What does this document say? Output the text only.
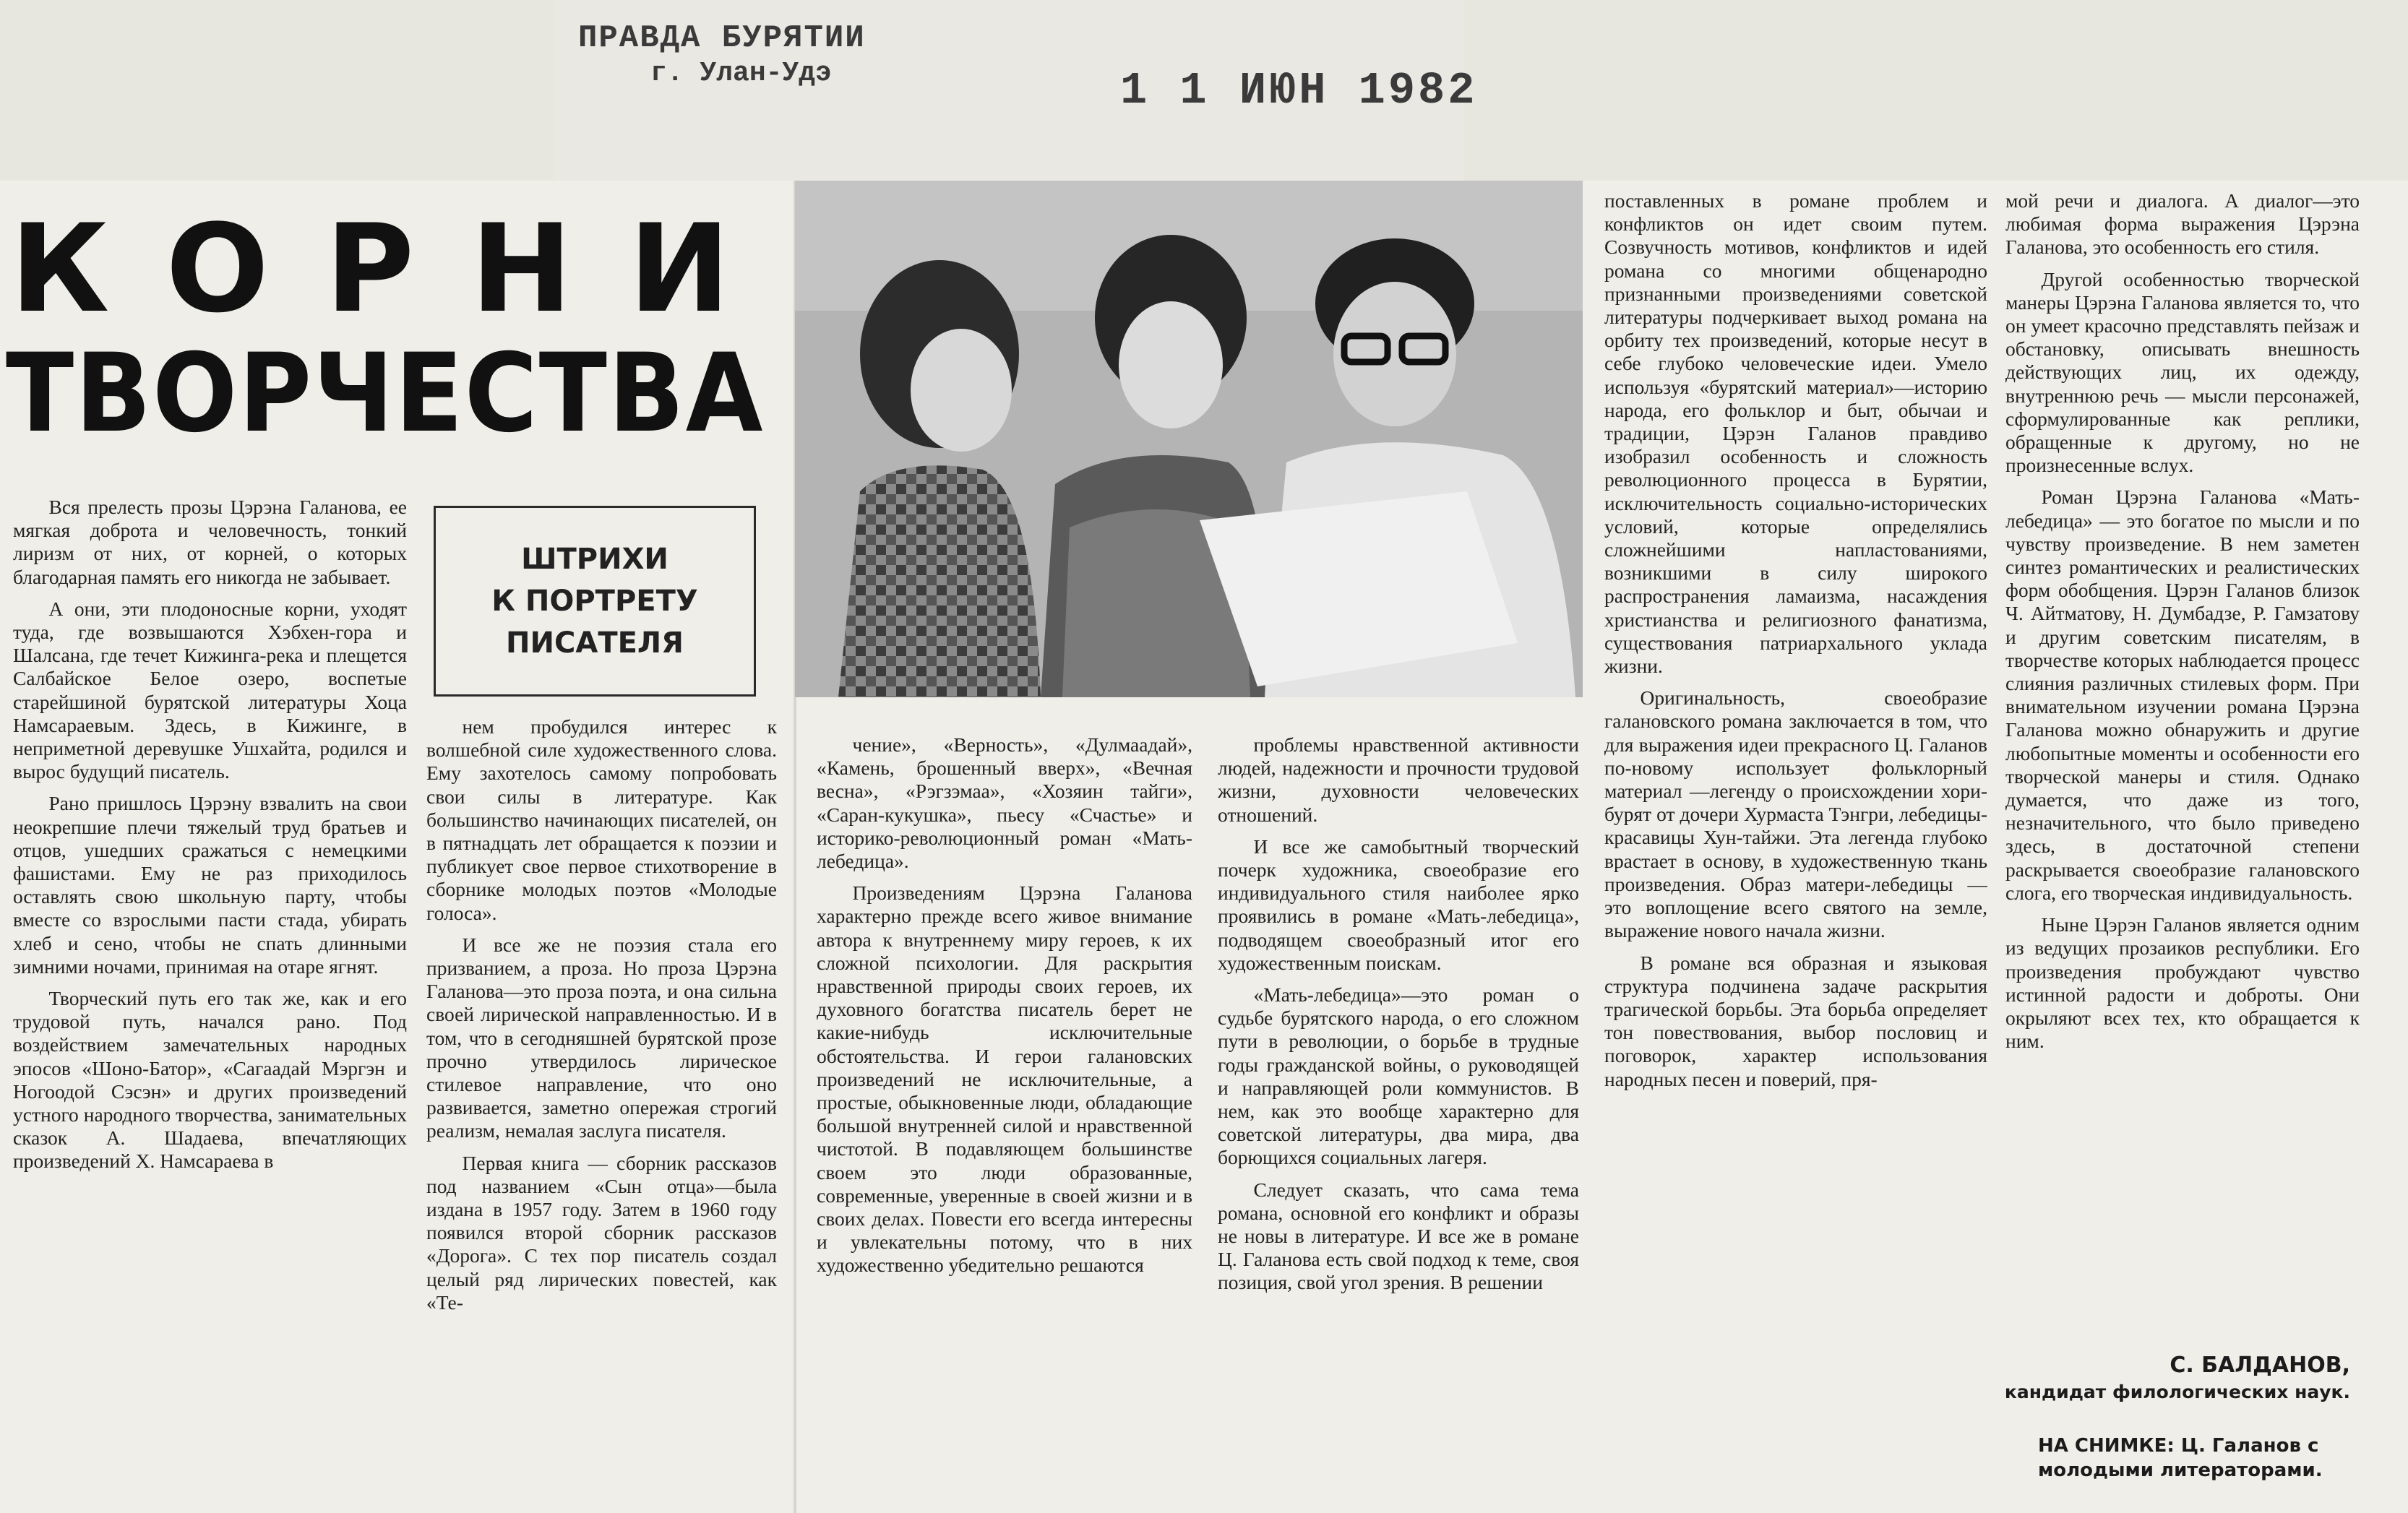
ПРАВДА БУРЯТИИ
г. Улан-Удэ	1 1 ИЮН 1982
КОРНИ
ТВОРЧЕСТВА
ШТРИХИ
К ПОРТРЕТУ
ПИСАТЕЛЯ

Вся прелесть прозы Цэрэна Галанова, ее мягкая доброта и человечность, тонкий лиризм от них, от корней, о которых благодарная память его никогда не забывает.

А они, эти плодоносные корни, уходят туда, где возвышаются Хэбхен-гора и Шалсана, где течет Кижинга-река и плещется Салбайское Белое озеро, воспетые старейшиной бурятской литературы Хоца Намсараевым. Здесь, в Кижинге, в неприметной деревушке Ушхайта, родился и вырос будущий писатель.

Рано пришлось Цэрэну взвалить на свои неокрепшие плечи тяжелый труд братьев и отцов, ушедших сражаться с немецкими фашистами. Ему не раз приходилось оставлять свою школьную парту, чтобы вместе со взрослыми пасти стада, убирать хлеб и сено, чтобы не спать длинными зимними ночами, принимая на отаре ягнят.

Творческий путь его так же, как и его трудовой путь, начался рано. Под воздействием замечательных народных эпосов «Шоно-Батор», «Сагаадай Мэргэн и Ногоодой Сэсэн» и других произведений устного народного творчества, занимательных сказок А. Шадаева, впечатляющих произведений Х. Намсараева в

нем пробудился интерес к волшебной силе художественного слова. Ему захотелось самому попробовать свои силы в литературе. Как большинство начинающих писателей, он в пятнадцать лет обращается к поэзии и публикует свое первое стихотворение в сборнике молодых поэтов «Молодые голоса».

И все же не поэзия стала его призванием, а проза. Но проза Цэрэна Галанова—это проза поэта, и она сильна своей лирической направленностью. И в том, что в сегодняшней бурятской прозе прочно утвердилось лирическое стилевое направление, что оно развивается, заметно опережая строгий реализм, немалая заслуга писателя.

Первая книга — сборник рассказов под названием «Сын отца»—была издана в 1957 году. Затем в 1960 году появился второй сборник рассказов «Дорога». С тех пор писатель создал целый ряд лирических повестей, как «Те-

чение», «Верность», «Дулмаадай», «Камень, брошенный вверх», «Вечная весна», «Рэгзэмаа», «Хозяин тайги», «Саран-кукушка», пьесу «Счастье» и историко-революционный роман «Мать-лебедица».

Произведениям Цэрэна Галанова характерно прежде всего живое внимание автора к внутреннему миру героев, к их сложной психологии. Для раскрытия нравственной природы своих героев, их духовного богатства писатель берет не какие-нибудь исключительные обстоятельства. И герои галановских произведений не исключительные, а простые, обыкновенные люди, обладающие большой внутренней силой и нравственной чистотой. В подавляющем большинстве своем это люди образованные, современные, уверенные в своей жизни и в своих делах. Повести его всегда интересны и увлекательны потому, что в них художественно убедительно решаются

проблемы нравственной активности людей, надежности и прочности трудовой жизни, духовности человеческих отношений.

И все же самобытный творческий почерк художника, своеобразие его индивидуального стиля наиболее ярко проявились в романе «Мать-лебедица», подводящем своеобразный итог его художественным поискам.

«Мать-лебедица»—это роман о судьбе бурятского народа, о его сложном пути в революции, о борьбе в трудные годы гражданской войны, о руководящей и направляющей роли коммунистов. В нем, как это вообще характерно для советской литературы, два мира, два борющихся социальных лагеря.

Следует сказать, что сама тема романа, основной его конфликт и образы не новы в литературе. И все же в романе Ц. Галанова есть свой подход к теме, своя позиция, свой угол зрения. В решении

поставленных в романе проблем и конфликтов он идет своим путем. Созвучность мотивов, конфликтов и идей романа со многими общенародно признанными произведениями советской литературы подчеркивает выход романа на орбиту тех произведений, которые несут в себе глубоко человеческие идеи. Умело используя «бурятский материал»—историю народа, его фольклор и быт, обычаи и традиции, Цэрэн Галанов правдиво изобразил особенность и сложность революционного процесса в Бурятии, исключительность социально-исторических условий, которые определялись сложнейшими напластованиями, возникшими в силу широкого распространения ламаизма, насаждения христианства и религиозного фанатизма, существования патриархального уклада жизни.

Оригинальность, своеобразие галановского романа заключается в том, что для выражения идеи прекрасного Ц. Галанов по-новому использует фольклорный материал —легенду о происхождении хори-бурят от дочери Хурмаста Тэнгри, лебедицы-красавицы Хун-тайжи. Эта легенда глубоко врастает в основу, в художественную ткань произведения. Образ матери-лебедицы — это воплощение всего святого на земле, выражение нового начала жизни.

В романе вся образная и языковая структура подчинена задаче раскрытия трагической борьбы. Эта борьба определяет тон повествования, выбор пословиц и поговорок, характер использования народных песен и поверий, пря-

мой речи и диалога. А диалог—это любимая форма выражения Цэрэна Галанова, это особенность его стиля.

Другой особенностью творческой манеры Цэрэна Галанова является то, что он умеет красочно представлять пейзаж и обстановку, описывать внешность действующих лиц, их одежду, внутреннюю речь — мысли персонажей, сформулированные как реплики, обращенные к другому, но не произнесенные вслух.

Роман Цэрэна Галанова «Мать-лебедица» — это богатое по мысли и по чувству произведение. В нем заметен синтез романтических и реалистических форм обобщения. Цэрэн Галанов близок Ч. Айтматову, Н. Думбадзе, Р. Гамзатову и другим советским писателям, в творчестве которых наблюдается процесс слияния различных стилевых форм. При внимательном изучении романа Цэрэна Галанова можно обнаружить и другие любопытные моменты и особенности его творческой манеры и стиля. Однако думается, что даже из того, незначительного, что было приведено здесь, в достаточной степени раскрывается своеобразие галановского слога, его творческая индивидуальность.

Ныне Цэрэн Галанов является одним из ведущих прозаиков республики. Его произведения пробуждают чувство истинной радости и доброты. Они окрыляют всех тех, кто обращается к ним.

С. БАЛДАНОВ,
кандидат филологических наук.
НА СНИМКЕ: Ц. Галанов с молодыми литераторами.
